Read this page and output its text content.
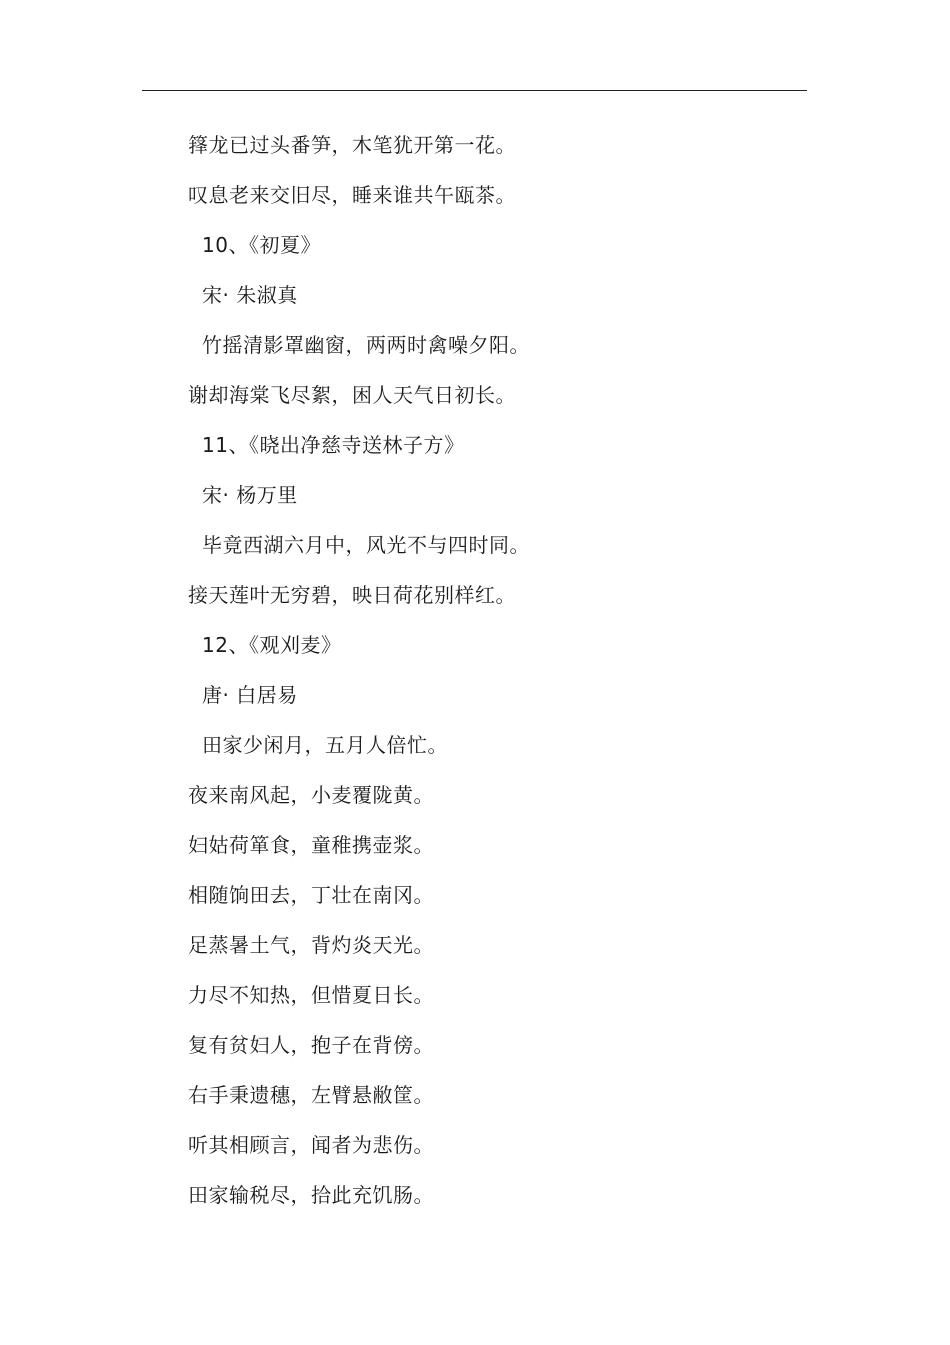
箨龙已过头番笋，木笔犹开第一花。
叹息老来交旧尽，睡来谁共午瓯茶。
10、《初夏》
宋· 朱淑真
竹摇清影罩幽窗，两两时禽噪夕阳。
谢却海棠飞尽絮，困人天气日初长。
11、《晓出净慈寺送林子方》
宋· 杨万里
毕竟西湖六月中，风光不与四时同。
接天莲叶无穷碧，映日荷花别样红。
12、《观刈麦》
唐· 白居易
田家少闲月，五月人倍忙。
夜来南风起，小麦覆陇黄。
妇姑荷箪食，童稚携壶浆。
相随饷田去，丁壮在南冈。
足蒸暑土气，背灼炎天光。
力尽不知热，但惜夏日长。
复有贫妇人，抱子在背傍。
右手秉遗穗，左臂悬敝筐。
听其相顾言，闻者为悲伤。
田家输税尽，拾此充饥肠。
